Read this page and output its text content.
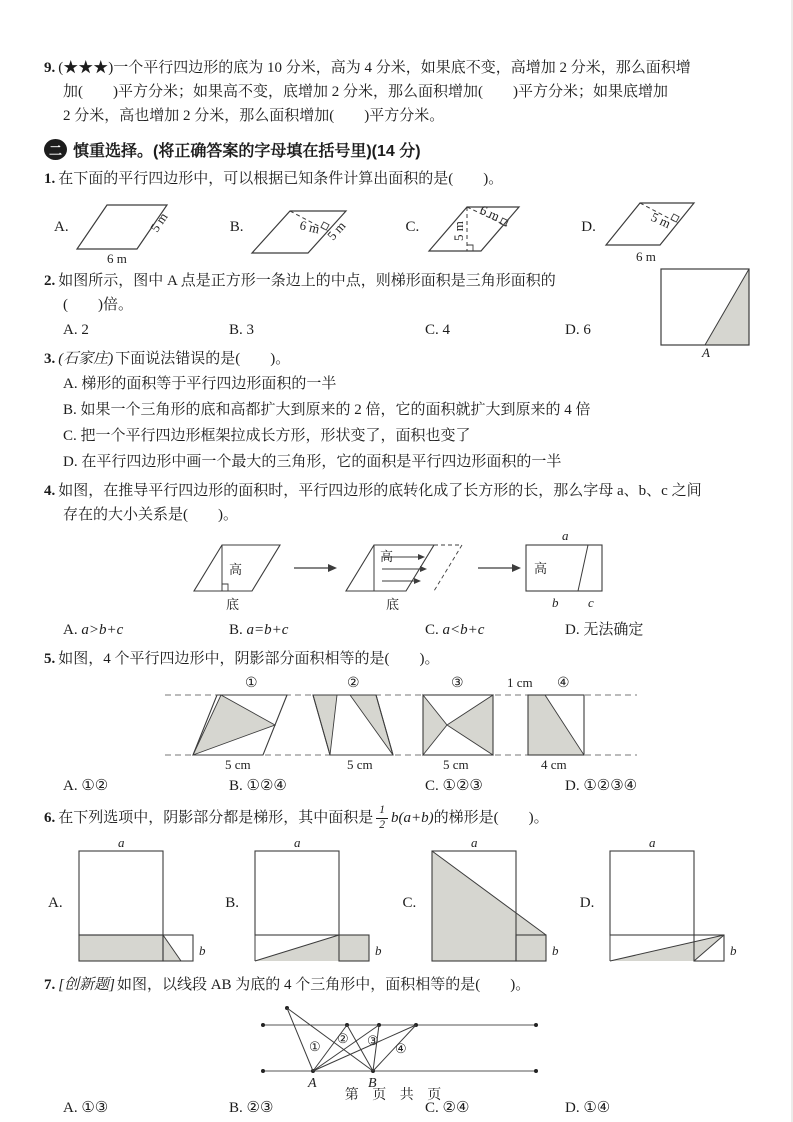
9. (★★★)一个平行四边形的底为 10 分米，高为 4 分米，如果底不变，高增加 2 分米，那么面积增
加(　　)平方分米；如果高不变，底增加 2 分米，那么面积增加(　　)平方分米；如果底增加
2 分米，高也增加 2 分米，那么面积增加(　　)平方分米。
二 慎重选择。(将正确答案的字母填在括号里)(14 分)
1. 在下面的平行四边形中，可以根据已知条件计算出面积的是(　　)。
A.
6 m
5 m	B.	6 m 5 m	C. 5 m
6 m
D.	5 m
6 m
2. 如图所示，图中 A 点是正方形一条边上的中点，则梯形面积是三角形面积的
(　　)倍。
A. 2	B. 3	C. 4	D. 6
A
3. (石家庄) 下面说法错误的是(　　)。
A. 梯形的面积等于平行四边形面积的一半
B. 如果一个三角形的底和高都扩大到原来的 2 倍，它的面积就扩大到原来的 4 倍
C. 把一个平行四边形框架拉成长方形，形状变了，面积也变了
D. 在平行四边形中画一个最大的三角形，它的面积是平行四边形面积的一半
4. 如图，在推导平行四边形的面积时，平行四边形的底转化成了长方形的长，那么字母 a、b、c 之间
存在的大小关系是(　　)。
高
底
高
底
a
高
b c
A. a>b+c	B. a=b+c	C. a<b+c	D. 无法确定
5. 如图，4 个平行四边形中，阴影部分面积相等的是(　　)。
①	②	③	④
1 cm
5 cm	5 cm	5 cm	4 cm
A. ①②	B. ①②④	C. ①②③	D. ①②③④
6. 在下列选项中，阴影部分都是梯形，其中面积是 $\frac{1}{2} b(a+b)$ 的梯形是(　　)。
A.
a
b
B.
a
b
C.
a
b
D.
a
b
7. [创新题] 如图，以线段 AB 为底的 4 个三角形中，面积相等的是(　　)。
①
② ③
④
A	B
A. ①③	B. ②③	C. ②④	D. ①④
第 页 共 页
